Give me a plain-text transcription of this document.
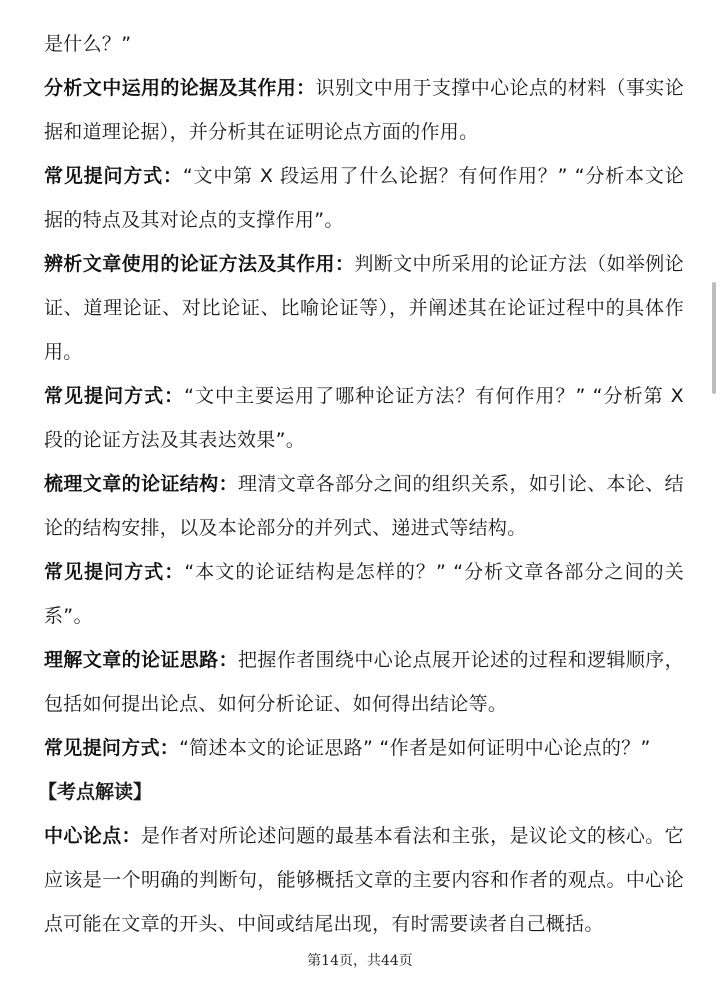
是什么？”

分析文中运用的论据及其作用：识别文中用于支撑中心论点的材料（事实论据和道理论据），并分析其在证明论点方面的作用。

常见提问方式：“文中第 X 段运用了什么论据？有何作用？” “分析本文论据的特点及其对论点的支撑作用”。

辨析文章使用的论证方法及其作用：判断文中所采用的论证方法（如举例论证、道理论证、对比论证、比喻论证等），并阐述其在论证过程中的具体作用。

常见提问方式：“文中主要运用了哪种论证方法？有何作用？” “分析第 X 段的论证方法及其表达效果”。

梳理文章的论证结构：理清文章各部分之间的组织关系，如引论、本论、结论的结构安排，以及本论部分的并列式、递进式等结构。

常见提问方式：“本文的论证结构是怎样的？” “分析文章各部分之间的关系”。

理解文章的论证思路：把握作者围绕中心论点展开论述的过程和逻辑顺序，包括如何提出论点、如何分析论证、如何得出结论等。

常见提问方式：“简述本文的论证思路” “作者是如何证明中心论点的？”

【考点解读】

中心论点：是作者对所论述问题的最基本看法和主张，是议论文的核心。它应该是一个明确的判断句，能够概括文章的主要内容和作者的观点。中心论点可能在文章的开头、中间或结尾出现，有时需要读者自己概括。

第14页，共44页
